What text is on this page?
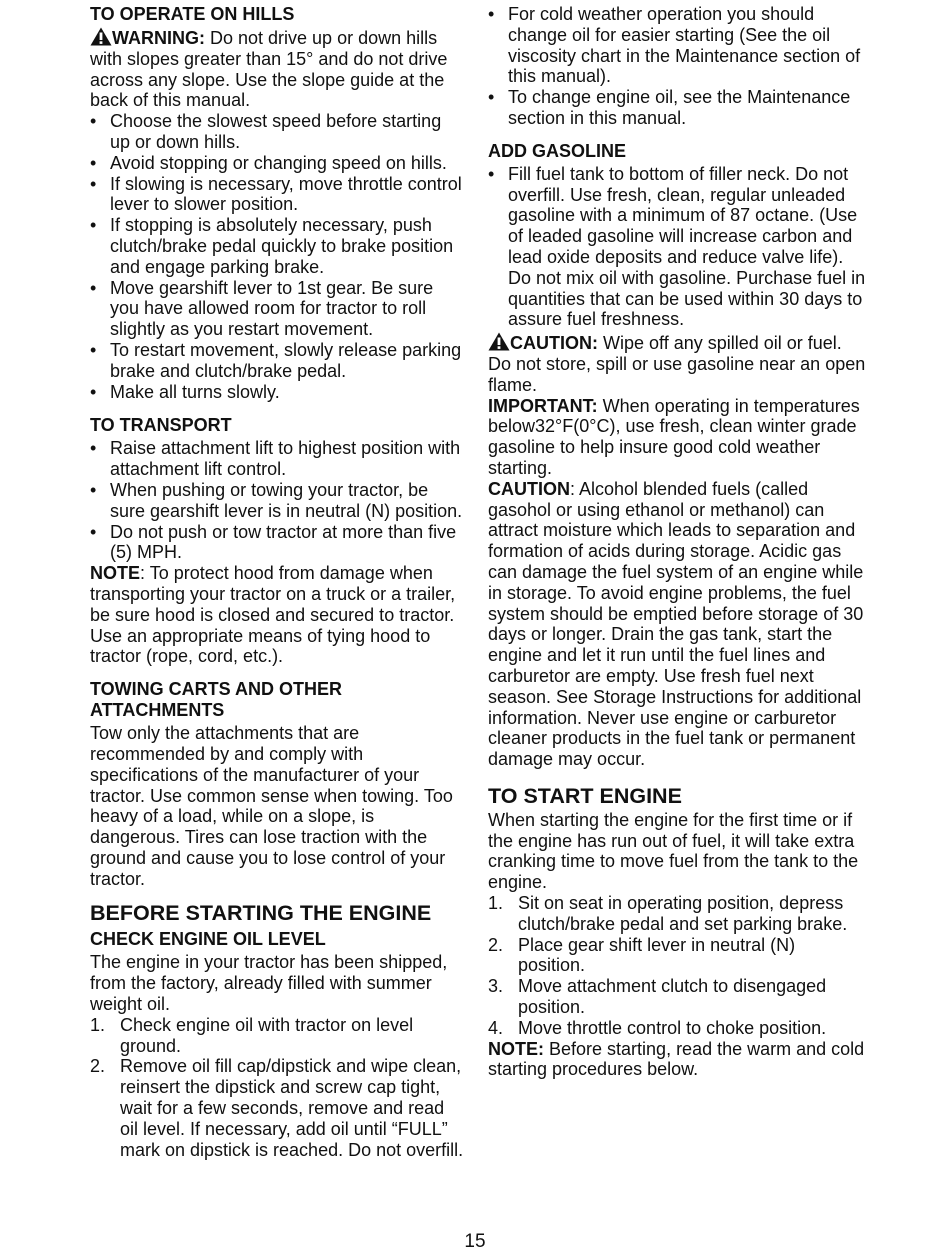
TO OPERATE ON HILLS

WARNING: Do not drive up or down hills with slopes greater than 15° and do not drive across any slope. Use the slope guide at the back of this manual.

• Choose the slowest speed before starting up or down hills.
• Avoid stopping or changing speed on hills.
• If slowing is necessary, move throttle control lever to slower position.
• If stopping is absolutely necessary, push clutch/brake pedal quickly to brake position and engage parking brake.
• Move gearshift lever to 1st gear. Be sure you have allowed room for tractor to roll slightly as you restart movement.
• To restart movement, slowly release parking brake and clutch/brake pedal.
• Make all turns slowly.
TO TRANSPORT
• Raise attachment lift to highest position with attachment lift control.
• When pushing or towing your tractor, be sure gearshift lever is in neutral (N) position.
• Do not push or tow tractor at more than five (5) MPH.

NOTE: To protect hood from damage when transporting your tractor on a truck or a trailer, be sure hood is closed and secured to tractor. Use an appropriate means of tying hood to tractor (rope, cord, etc.).

TOWING CARTS AND OTHER ATTACHMENTS

Tow only the attachments that are recommended by and comply with specifications of the manufacturer of your tractor. Use common sense when towing. Too heavy of a load, while on a slope, is dangerous. Tires can lose traction with the ground and cause you to lose control of your tractor.

BEFORE STARTING THE ENGINE
CHECK ENGINE OIL LEVEL

The engine in your tractor has been shipped, from the factory, already filled with summer weight oil.

1. Check engine oil with tractor on level ground.
2. Remove oil fill cap/dipstick and wipe clean, reinsert the dipstick and screw cap tight, wait for a few seconds, remove and read oil level. If necessary, add oil until “FULL” mark on dipstick is reached. Do not overfill.
• For cold weather operation you should change oil for easier starting (See the oil viscosity chart in the Maintenance section of this manual).
• To change engine oil, see the Maintenance section in this manual.
ADD GASOLINE
• Fill fuel tank to bottom of filler neck. Do not overfill. Use fresh, clean, regular unleaded gasoline with a minimum of 87 octane. (Use of leaded gasoline will increase carbon and lead oxide deposits and reduce valve life). Do not mix oil with gasoline. Purchase fuel in quantities that can be used within 30 days to assure fuel freshness.

CAUTION: Wipe off any spilled oil or fuel. Do not store, spill or use gasoline near an open flame.

IMPORTANT: When operating in temperatures below32°F(0°C), use fresh, clean winter grade gasoline to help insure good cold weather starting.

CAUTION: Alcohol blended fuels (called gasohol or using ethanol or methanol) can attract moisture which leads to separation and formation of acids during storage. Acidic gas can damage the fuel system of an engine while in storage. To avoid engine problems, the fuel system should be emptied before storage of 30 days or longer. Drain the gas tank, start the engine and let it run until the fuel lines and carburetor are empty. Use fresh fuel next season. See Storage Instructions for additional information. Never use engine or carburetor cleaner products in the fuel tank or permanent damage may occur.

TO START ENGINE

When starting the engine for the first time or if the engine has run out of fuel, it will take extra cranking time to move fuel from the tank to the engine.

1. Sit on seat in operating position, depress clutch/brake pedal and set parking brake.
2. Place gear shift lever in neutral (N) position.
3. Move attachment clutch to disengaged position.
4. Move throttle control to choke position.

NOTE: Before starting, read the warm and cold starting procedures below.

15
